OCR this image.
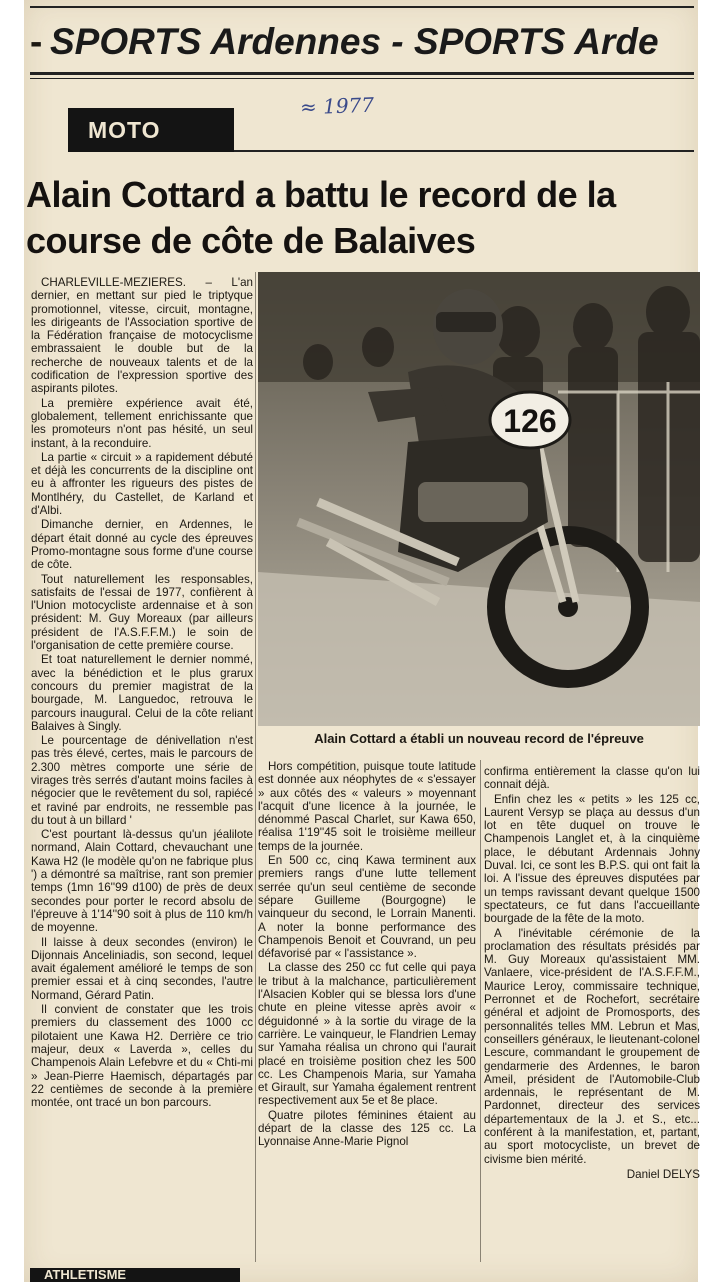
- SPORTS Ardennes - SPORTS Arde
≈ 1977
MOTO
Alain Cottard a battu le record de la course de côte de Balaives
126
Alain Cottard a établi un nouveau record de l'épreuve

CHARLEVILLE-MEZIERES. – L'an dernier, en mettant sur pied le triptyque promotionnel, vitesse, circuit, montagne, les dirigeants de l'Association sportive de la Fédération française de motocyclisme embrassaient le double but de la recherche de nouveaux talents et de la codification de l'expression sportive des aspirants pilotes.

La première expérience avait été, globalement, tellement enrichissante que les promoteurs n'ont pas hésité, un seul instant, à la reconduire.

La partie « circuit » a rapidement débuté et déjà les concurrents de la discipline ont eu à affronter les rigueurs des pistes de Montlhéry, du Castellet, de Karland et d'Albi.

Dimanche dernier, en Ardennes, le départ était donné au cycle des épreuves Promo-montagne sous forme d'une course de côte.

Tout naturellement les responsables, satisfaits de l'essai de 1977, confièrent à l'Union motocycliste ardennaise et à son président: M. Guy Moreaux (par ailleurs président de l'A.S.F.F.M.) le soin de l'organisation de cette première course.

Et toat naturellement le dernier nommé, avec la bénédiction et le plus grarux concours du premier magistrat de la bourgade, M. Languedoc, retrouva le parcours inaugural. Celui de la côte reliant Balaives à Singly.

Le pourcentage de dénivellation n'est pas très élevé, certes, mais le parcours de 2.300 mètres comporte une série de virages très serrés d'autant moins faciles à négocier que le revêtement du sol, rapiécé et raviné par endroits, ne ressemble pas du tout à un billard '

C'est pourtant là-dessus qu'un jéalilote normand, Alain Cottard, chevauchant une Kawa H2 (le modèle qu'on ne fabrique plus ') a démontré sa maîtrise, rant son premier temps (1mn 16''99 d100) de près de deux secondes pour porter le record absolu de l'épreuve à 1'14''90 soit à plus de 110 km/h de moyenne.

Il laisse à deux secondes (environ) le Dijonnais Anceliniadis, son second, lequel avait également amélioré le temps de son premier essai et à cinq secondes, l'autre Normand, Gérard Patin.

Il convient de constater que les trois premiers du classement des 1000 cc pilotaient une Kawa H2. Derrière ce trio majeur, deux « Laverda », celles du Champenois Alain Lefebvre et du « Chti-mi » Jean-Pierre Haemisch, départagés par 22 centièmes de seconde à la première montée, ont tracé un bon parcours.

Hors compétition, puisque toute latitude est donnée aux néophytes de « s'essayer » aux côtés des « valeurs » moyennant l'acquit d'une licence à la journée, le dénommé Pascal Charlet, sur Kawa 650, réalisa 1'19''45 soit le troisième meilleur temps de la journée.

En 500 cc, cinq Kawa terminent aux premiers rangs d'une lutte tellement serrée qu'un seul centième de seconde sépare Guilleme (Bourgogne) le vainqueur du second, le Lorrain Manenti. A noter la bonne performance des Champenois Benoit et Couvrand, un peu défavorisé par « l'assistance ».

La classe des 250 cc fut celle qui paya le tribut à la malchance, particulièrement l'Alsacien Kobler qui se blessa lors d'une chute en pleine vitesse après avoir « déguidonné » à la sortie du virage de la carrière. Le vainqueur, le Flandrien Lemay sur Yamaha réalisa un chrono qui l'aurait placé en troisième position chez les 500 cc. Les Champenois Maria, sur Yamaha et Girault, sur Yamaha également rentrent respectivement aux 5e et 8e place.

Quatre pilotes féminines étaient au départ de la classe des 125 cc. La Lyonnaise Anne-Marie Pignol

confirma entièrement la classe qu'on lui connait déjà.

Enfin chez les « petits » les 125 cc, Laurent Versyp se plaça au dessus d'un lot en tête duquel on trouve le Champenois Langlet et, à la cinquième place, le débutant Ardennais Johny Duval. Ici, ce sont les B.P.S. qui ont fait la loi. A l'issue des épreuves disputées par un temps ravissant devant quelque 1500 spectateurs, ce fut dans l'accueillante bourgade de la fête de la moto.

A l'inévitable cérémonie de la proclamation des résultats présidés par M. Guy Moreaux qu'assistaient MM. Vanlaere, vice-président de l'A.S.F.F.M., Maurice Leroy, commissaire technique, Perronnet et de Rochefort, secrétaire général et adjoint de Promosports, des personnalités telles MM. Lebrun et Mas, conseillers généraux, le lieutenant-colonel Lescure, commandant le groupement de gendarmerie des Ardennes, le baron Ameil, président de l'Automobile-Club ardennais, le représentant de M. Pardonnet, directeur des services départementaux de la J. et S., etc... conférent à la manifestation, et, partant, au sport motocycliste, un brevet de civisme bien mérité.

Daniel DELYS

ATHLETISME
